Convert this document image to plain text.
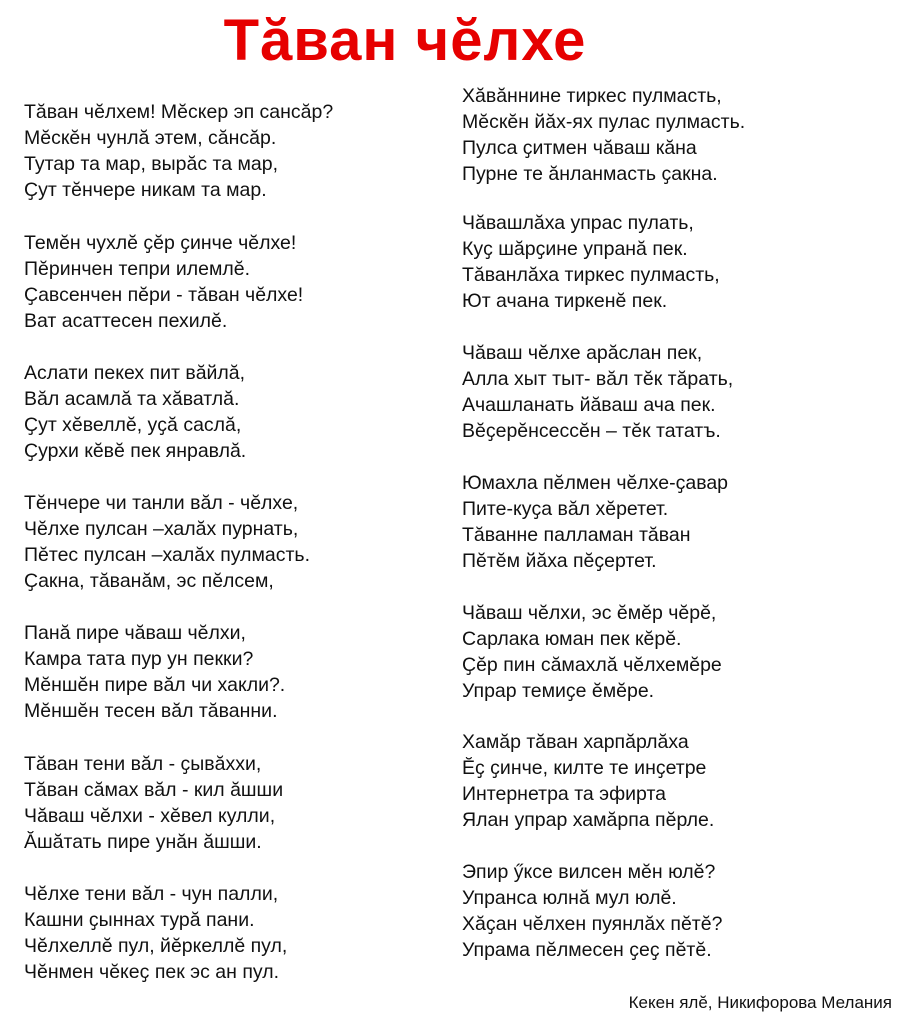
Тӑван чӗлхе
Тӑван чӗлхем! Мӗскер эп сансӑр?
Мӗскӗн чунлӑ этем, сӑнсӑр.
Тутар та мар, вырӑс та мар,
Ҫут тӗнчере никам та мар.
Темӗн чухлӗ ҫӗр ҫинче чӗлхе!
Пӗринчен тепри илемлӗ.
Ҫавсенчен пӗри - тӑван чӗлхе!
Ват асаттесен пехилӗ.
Аслати пекех пит вӑйлӑ,
Вӑл асамлӑ та хӑватлӑ.
Ҫут хӗвеллӗ, уҫӑ саслӑ,
Ҫурхи кӗвӗ пек янравлӑ.
Тӗнчере чи танли вӑл - чӗлхе,
Чӗлхе пулсан –халӑх пурнать,
Пӗтес пулсан –халӑх пулмасть.
Ҫакна, тӑванӑм, эс пӗлсем,
Панӑ пире чӑваш чӗлхи,
Камра тата пур ун пекки?
Мӗншӗн пире вӑл чи хакли?.
Мӗншӗн тесен вӑл тӑванни.
Тӑван тени вӑл - ҫывӑххи,
Тӑван сӑмах вӑл - кил ӑшши
Чӑваш чӗлхи - хӗвел кулли,
Ӑшӑтать пире унӑн ӑшши.
Чӗлхе тени вӑл - чун палли,
Кашни ҫыннах турӑ пани.
Чӗлхеллӗ пул, йӗркеллӗ пул,
Чӗнмен чӗкеҫ пек эс ан пул.
Хӑвӑннине тиркес пулмасть,
Мӗскӗн йӑх-ях пулас пулмасть.
Пулса ҫитмен чӑваш кӑна
Пурне те ӑнланмасть ҫакна.
Чӑвашлӑха упрас пулать,
Куҫ шӑрҫине упранӑ пек.
Тӑванлӑха тиркес пулмасть,
Ют ачана тиркенӗ пек.
Чӑваш чӗлхе арӑслан пек,
Алла хыт тыт- вӑл тӗк тӑрать,
Ачашланать йӑваш ача пек.
Вӗҫерӗнсессӗн – тӗк тататъ.
Юмахла пӗлмен чӗлхе-ҫавар
Пите-куҫа вӑл хӗретет.
Тӑванне палламан тӑван
Пӗтӗм йӑха пӗҫертет.
Чӑваш чӗлхи, эс ӗмӗр чӗрӗ,
Сарлака юман пек кӗрӗ.
Ҫӗр пин сӑмахлӑ чӗлхемӗре
Упрар темиҫе ӗмӗре.
Хамӑр тӑван харпӑрлӑха
Ӗҫ ҫинче, килте те инҫетре
Интернетра та эфирта
Ялан упрар хамӑрпа пӗрле.
Эпир ӳксе вилсен мӗн юлӗ?
Упранса юлнӑ мул юлӗ.
Хӑҫан чӗлхен пуянлӑх пӗтӗ?
Упрама пӗлмесен ҫеҫ пӗтӗ.
Кекен ялӗ, Никифорова Мелания
